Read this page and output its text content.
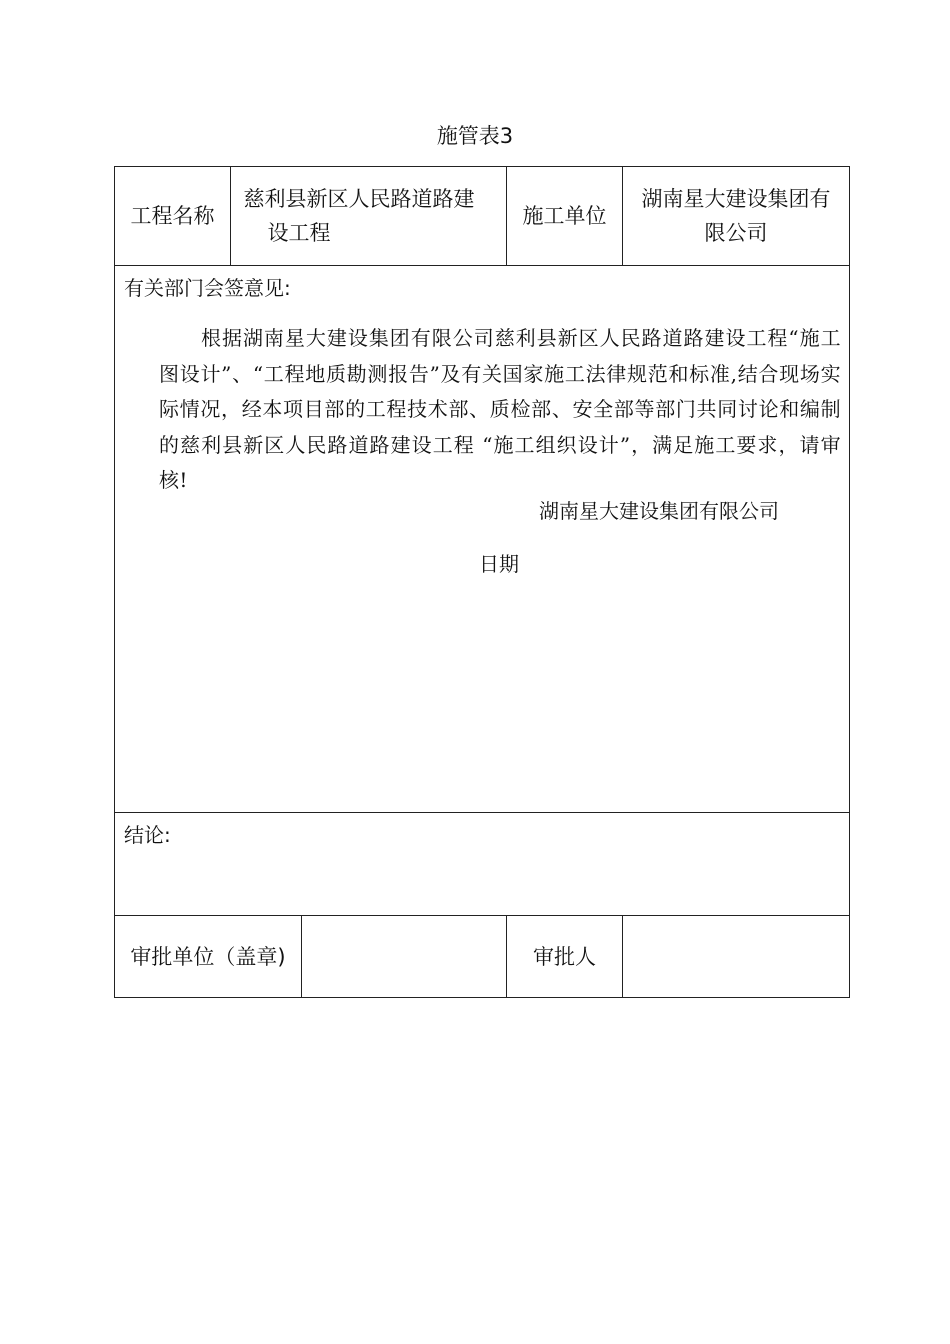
施管表3
工程名称
慈利县新区人民路道路建
设工程
施工单位
湖南星大建设集团有
限公司
有关部门会签意见:
根据湖南星大建设集团有限公司慈利县新区人民路道路建设工程“施工图设计”、“工程地质勘测报告”及有关国家施工法律规范和标准,结合现场实际情况，经本项目部的工程技术部、质检部、安全部等部门共同讨论和编制的慈利县新区人民路道路建设工程 “施工组织设计”，满足施工要求，请审核!
湖南星大建设集团有限公司
日期
结论:
审批单位（盖章)	审批人
